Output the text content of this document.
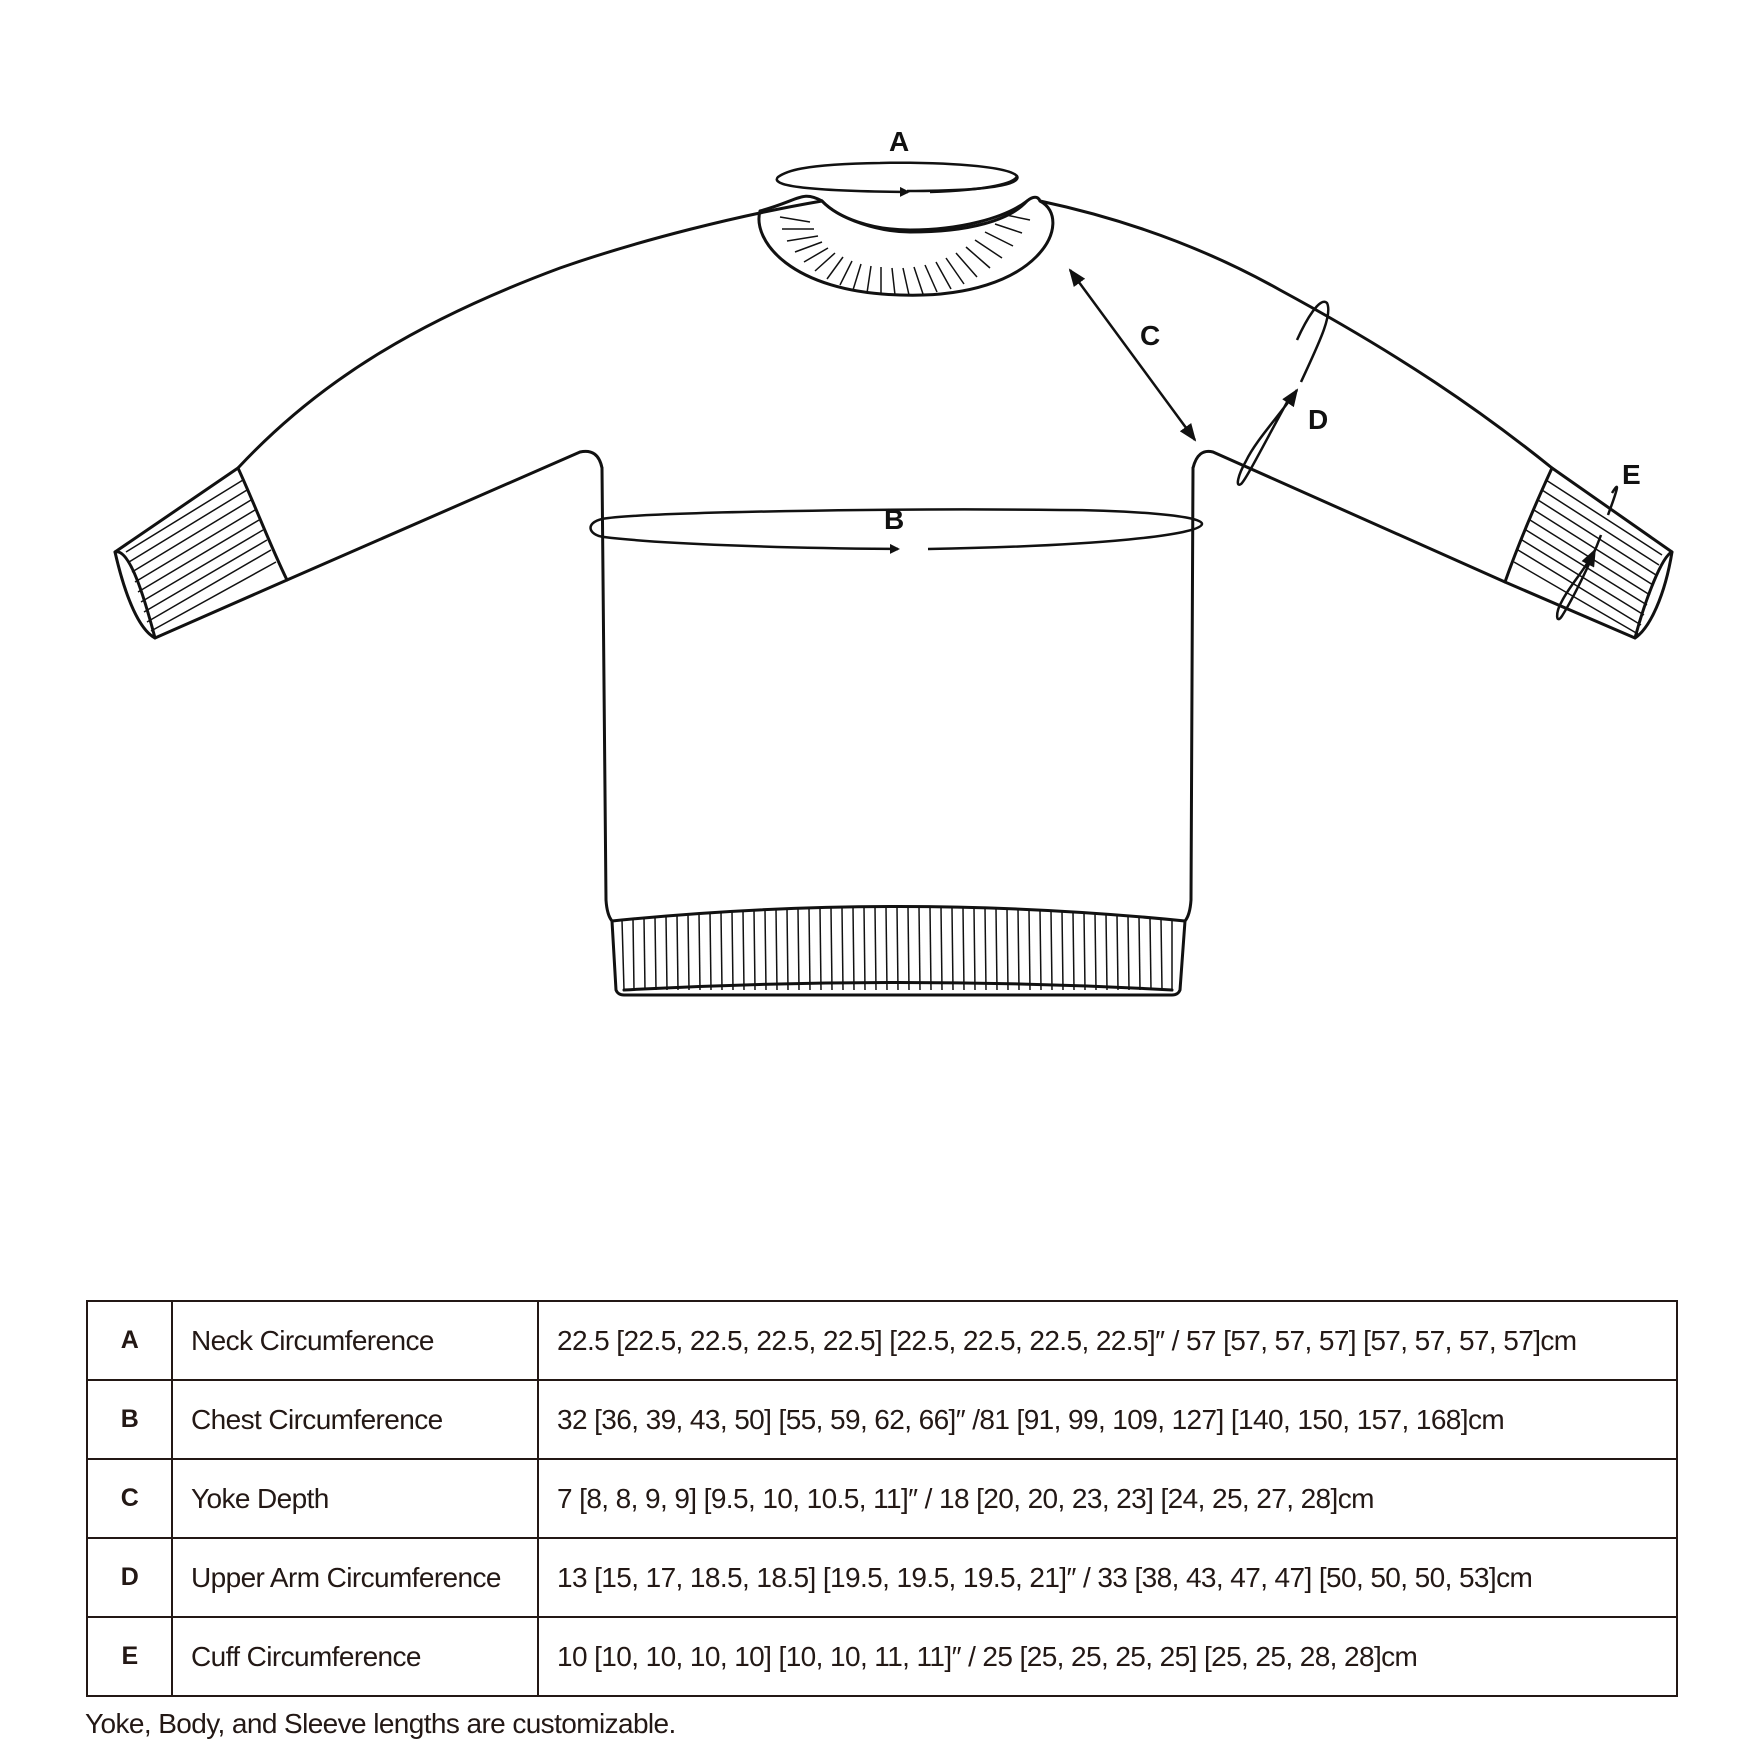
A
B
C
D
E
A	Neck Circumference	22.5 [22.5, 22.5, 22.5, 22.5] [22.5, 22.5, 22.5, 22.5]″ / 57 [57, 57, 57] [57, 57, 57, 57]cm
B	Chest Circumference	32 [36, 39, 43, 50] [55, 59, 62, 66]″ /81 [91, 99, 109, 127] [140, 150, 157, 168]cm
C	Yoke Depth	7 [8, 8, 9, 9] [9.5, 10, 10.5, 11]″ / 18 [20, 20, 23, 23] [24, 25, 27, 28]cm
D	Upper Arm Circumference	13 [15, 17, 18.5, 18.5] [19.5, 19.5, 19.5, 21]″ / 33 [38, 43, 47, 47] [50, 50, 50, 53]cm
E	Cuff Circumference	10 [10, 10, 10, 10] [10, 10, 11, 11]″ / 25 [25, 25, 25, 25] [25, 25, 28, 28]cm
Yoke, Body, and Sleeve lengths are customizable.
